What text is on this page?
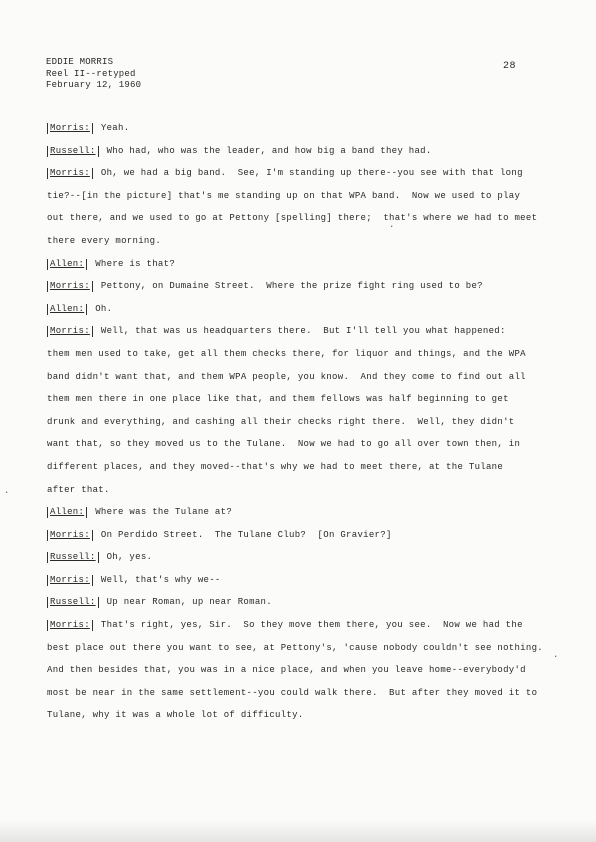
EDDIE MORRIS
Reel II--retyped
February 12, 1960
28
Morris: Yeah.
Russell: Who had, who was the leader, and how big a band they had.
Morris: Oh, we had a big band.  See, I'm standing up there--you see with that long
tie?--[in the picture] that's me standing up on that WPA band.  Now we used to play
out there, and we used to go at Pettony [spelling] there;  that's where we had to meet
there every morning.
Allen: Where is that?
Morris: Pettony, on Dumaine Street.  Where the prize fight ring used to be?
Allen: Oh.
Morris: Well, that was us headquarters there.  But I'll tell you what happened:
them men used to take, get all them checks there, for liquor and things, and the WPA
band didn't want that, and them WPA people, you know.  And they come to find out all
them men there in one place like that, and them fellows was half beginning to get
drunk and everything, and cashing all their checks right there.  Well, they didn't
want that, so they moved us to the Tulane.  Now we had to go all over town then, in
different places, and they moved--that's why we had to meet there, at the Tulane
after that.
Allen: Where was the Tulane at?
Morris: On Perdido Street.  The Tulane Club?  [On Gravier?]
Russell: Oh, yes.
Morris: Well, that's why we--
Russell: Up near Roman, up near Roman.
Morris: That's right, yes, Sir.  So they move them there, you see.  Now we had the
best place out there you want to see, at Pettony's, 'cause nobody couldn't see nothing.
And then besides that, you was in a nice place, and when you leave home--everybody'd
most be near in the same settlement--you could walk there.  But after they moved it to
Tulane, why it was a whole lot of difficulty.
·
·
·
